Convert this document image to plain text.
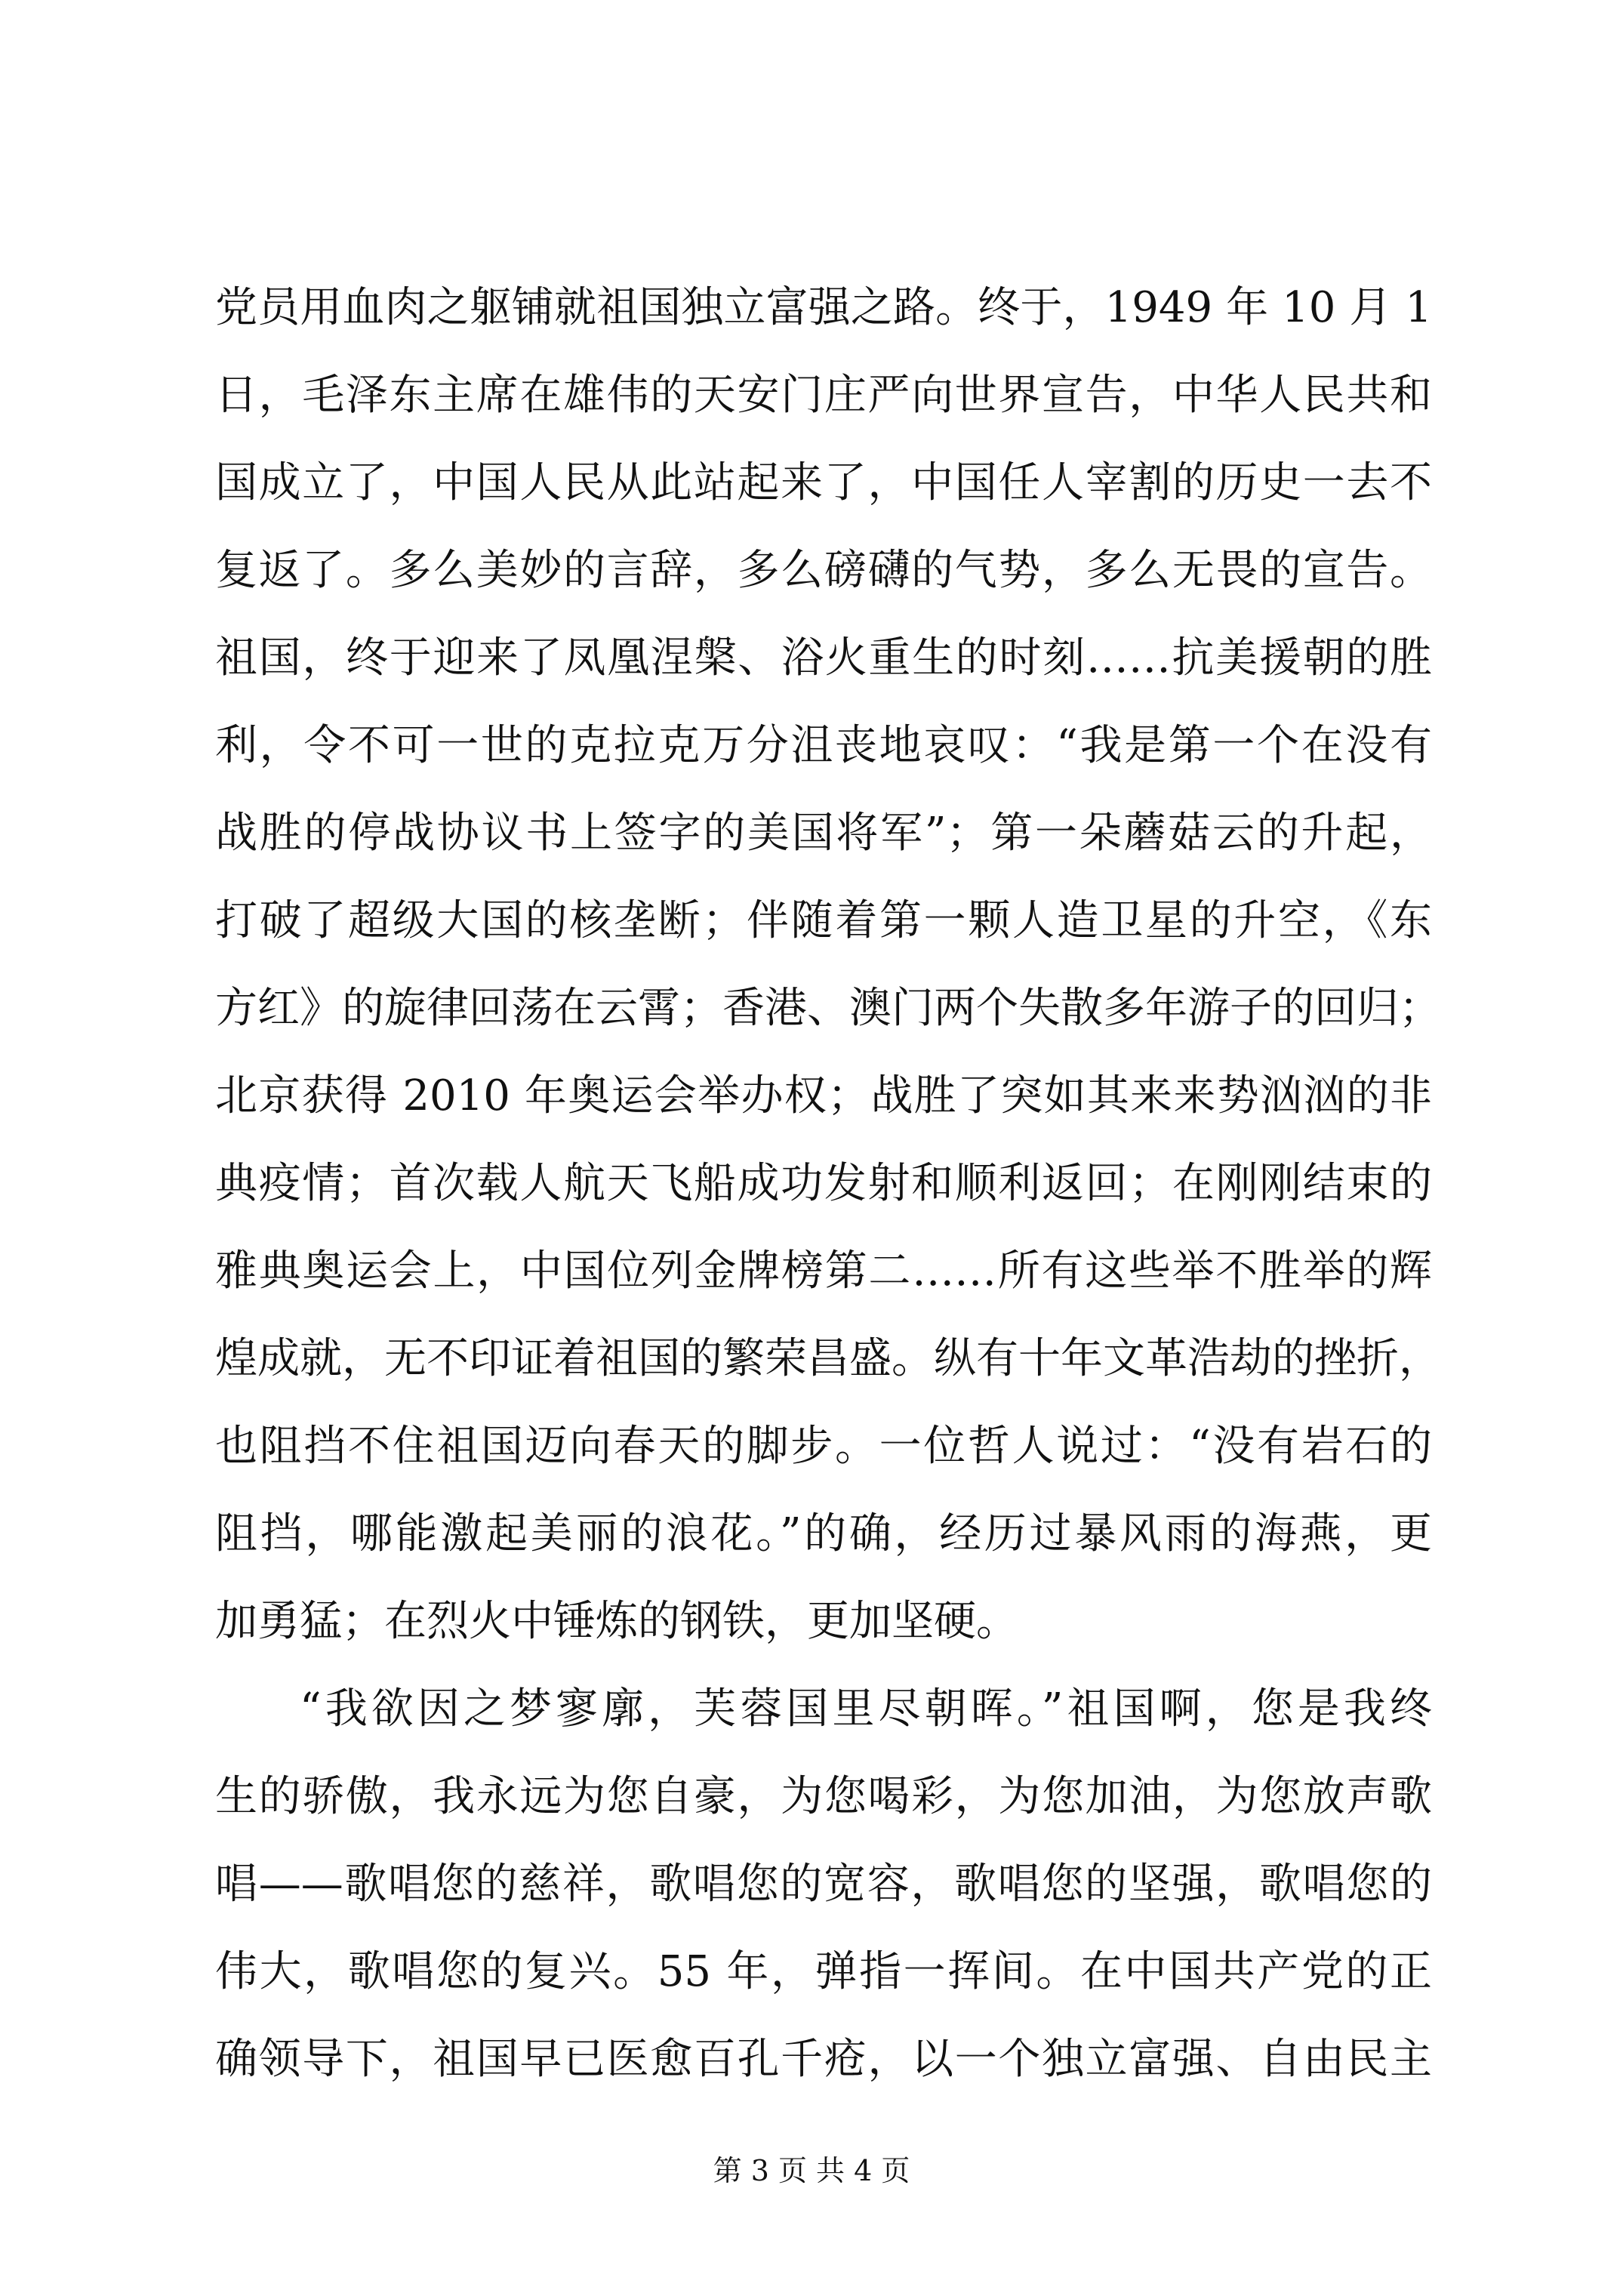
党员用血肉之躯铺就祖国独立富强之路。终于，1949 年 10 月 1
日，毛泽东主席在雄伟的天安门庄严向世界宣告，中华人民共和
国成立了，中国人民从此站起来了，中国任人宰割的历史一去不
复返了。多么美妙的言辞，多么磅礴的气势，多么无畏的宣告。
祖国，终于迎来了凤凰涅槃、浴火重生的时刻……抗美援朝的胜
利，令不可一世的克拉克万分沮丧地哀叹：“我是第一个在没有
战胜的停战协议书上签字的美国将军”；第一朵蘑菇云的升起，
打破了超级大国的核垄断；伴随着第一颗人造卫星的升空，《东
方红》的旋律回荡在云霄；香港、澳门两个失散多年游子的回归；
北京获得 2010 年奥运会举办权；战胜了突如其来来势汹汹的非
典疫情；首次载人航天飞船成功发射和顺利返回；在刚刚结束的
雅典奥运会上，中国位列金牌榜第二……所有这些举不胜举的辉
煌成就，无不印证着祖国的繁荣昌盛。纵有十年文革浩劫的挫折，
也阻挡不住祖国迈向春天的脚步。一位哲人说过：“没有岩石的
阻挡，哪能激起美丽的浪花。”的确，经历过暴风雨的海燕，更
加勇猛；在烈火中锤炼的钢铁，更加坚硬。
“我欲因之梦寥廓，芙蓉国里尽朝晖。”祖国啊，您是我终
生的骄傲，我永远为您自豪，为您喝彩，为您加油，为您放声歌
唱——歌唱您的慈祥，歌唱您的宽容，歌唱您的坚强，歌唱您的
伟大，歌唱您的复兴。55 年，弹指一挥间。在中国共产党的正
确领导下，祖国早已医愈百孔千疮，以一个独立富强、自由民主
第 3 页 共 4 页
